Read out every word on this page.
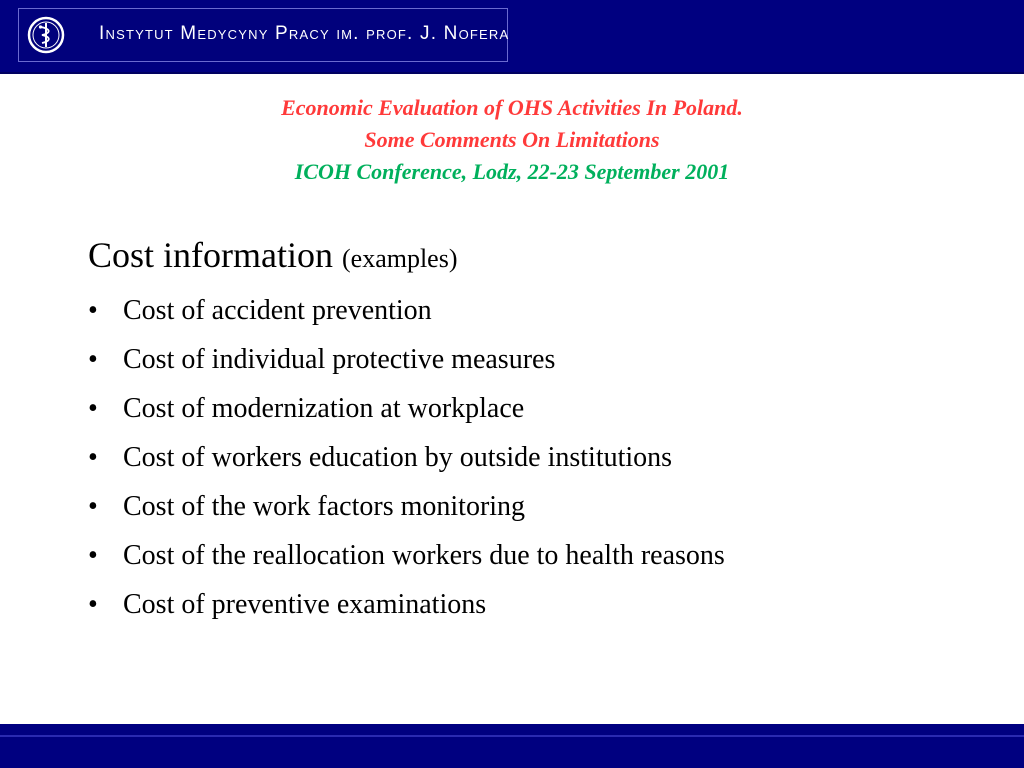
Instytut Medycyny Pracy im. prof. J. Nofera
Economic Evaluation of OHS Activities In Poland.
Some Comments On Limitations
ICOH Conference, Lodz, 22-23 September 2001
Cost information (examples)
• Cost of accident prevention
• Cost of individual protective measures
• Cost of modernization at workplace
• Cost of workers education by outside institutions
• Cost of the work factors monitoring
• Cost of the reallocation workers due to health reasons
• Cost of preventive examinations
